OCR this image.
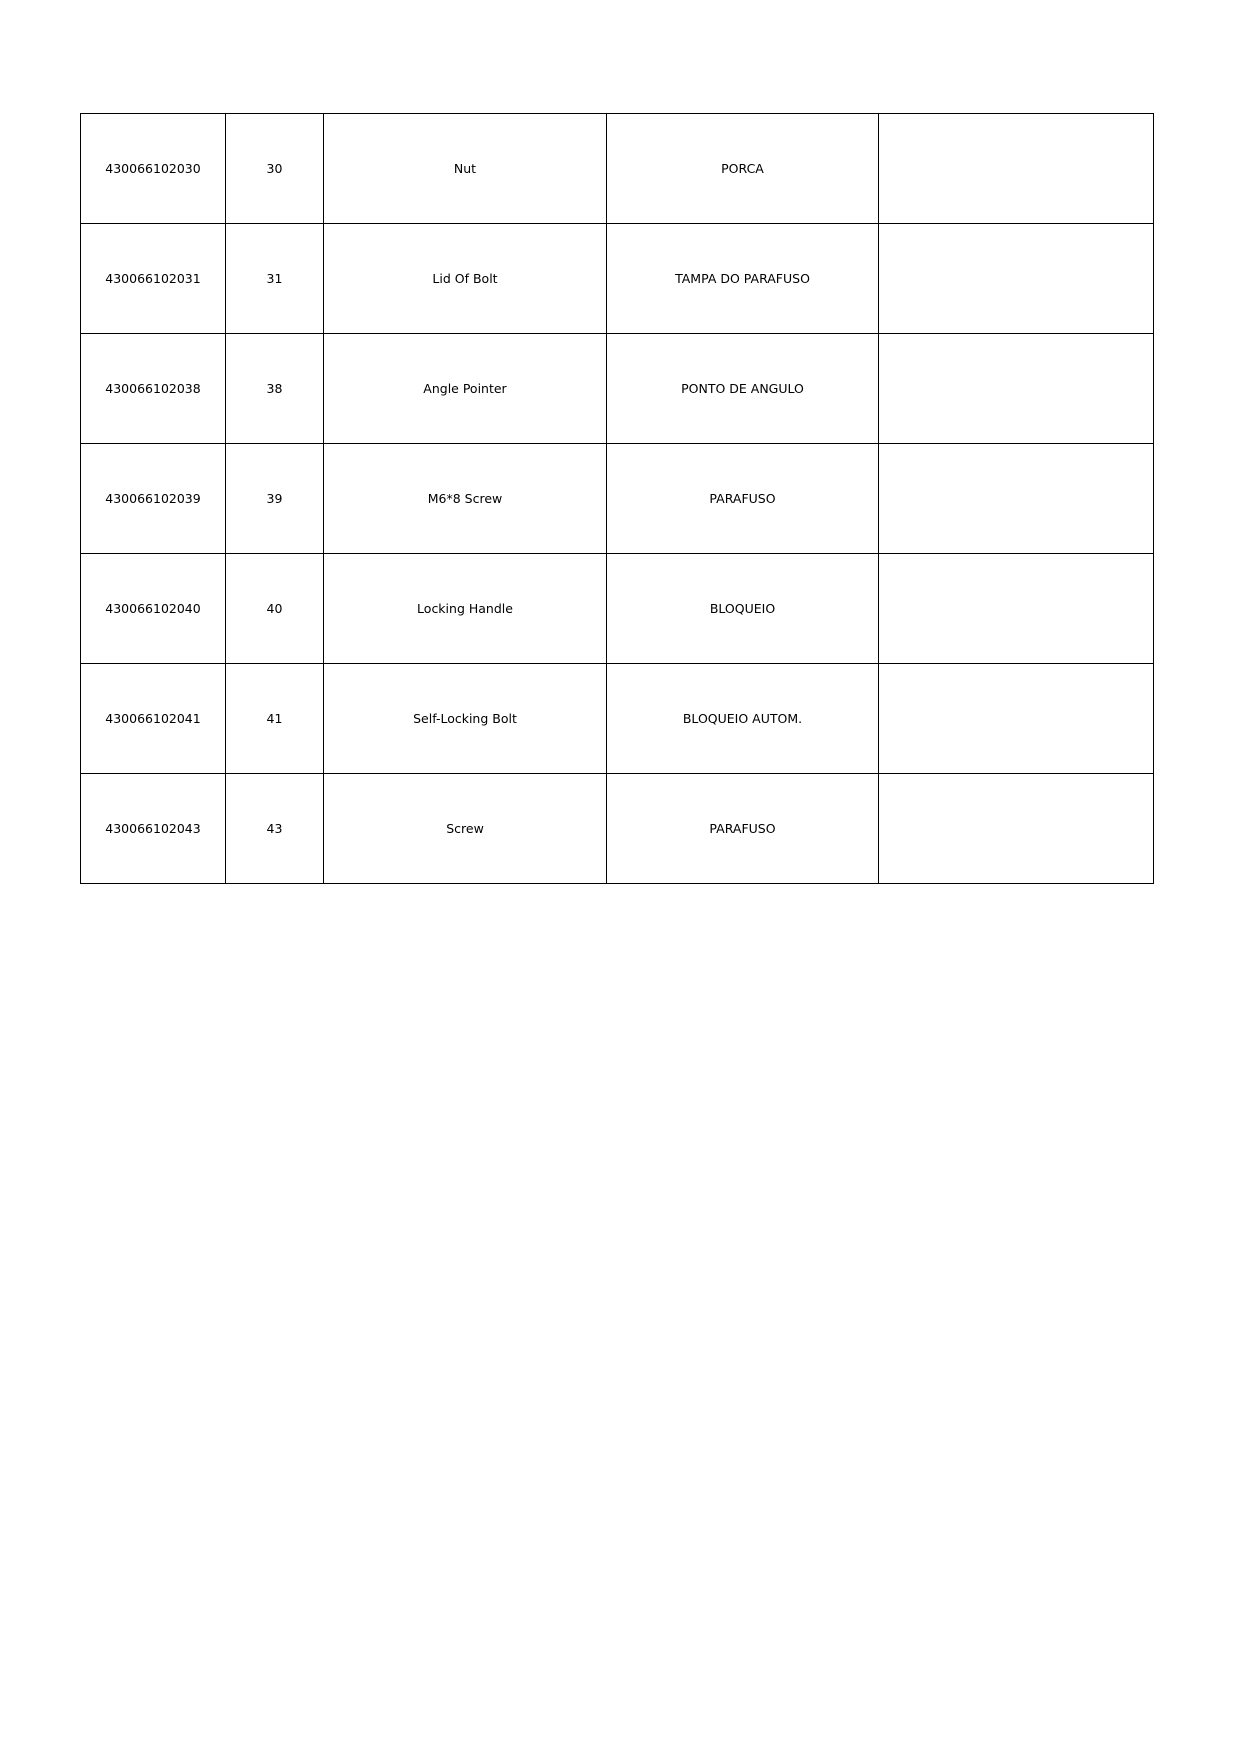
430066102030	30	Nut	PORCA	
430066102031	31	Lid Of Bolt	TAMPA DO PARAFUSO	
430066102038	38	Angle Pointer	PONTO DE ANGULO	
430066102039	39	M6*8 Screw	PARAFUSO	
430066102040	40	Locking Handle	BLOQUEIO	
430066102041	41	Self-Locking Bolt	BLOQUEIO AUTOM.	
430066102043	43	Screw	PARAFUSO	
